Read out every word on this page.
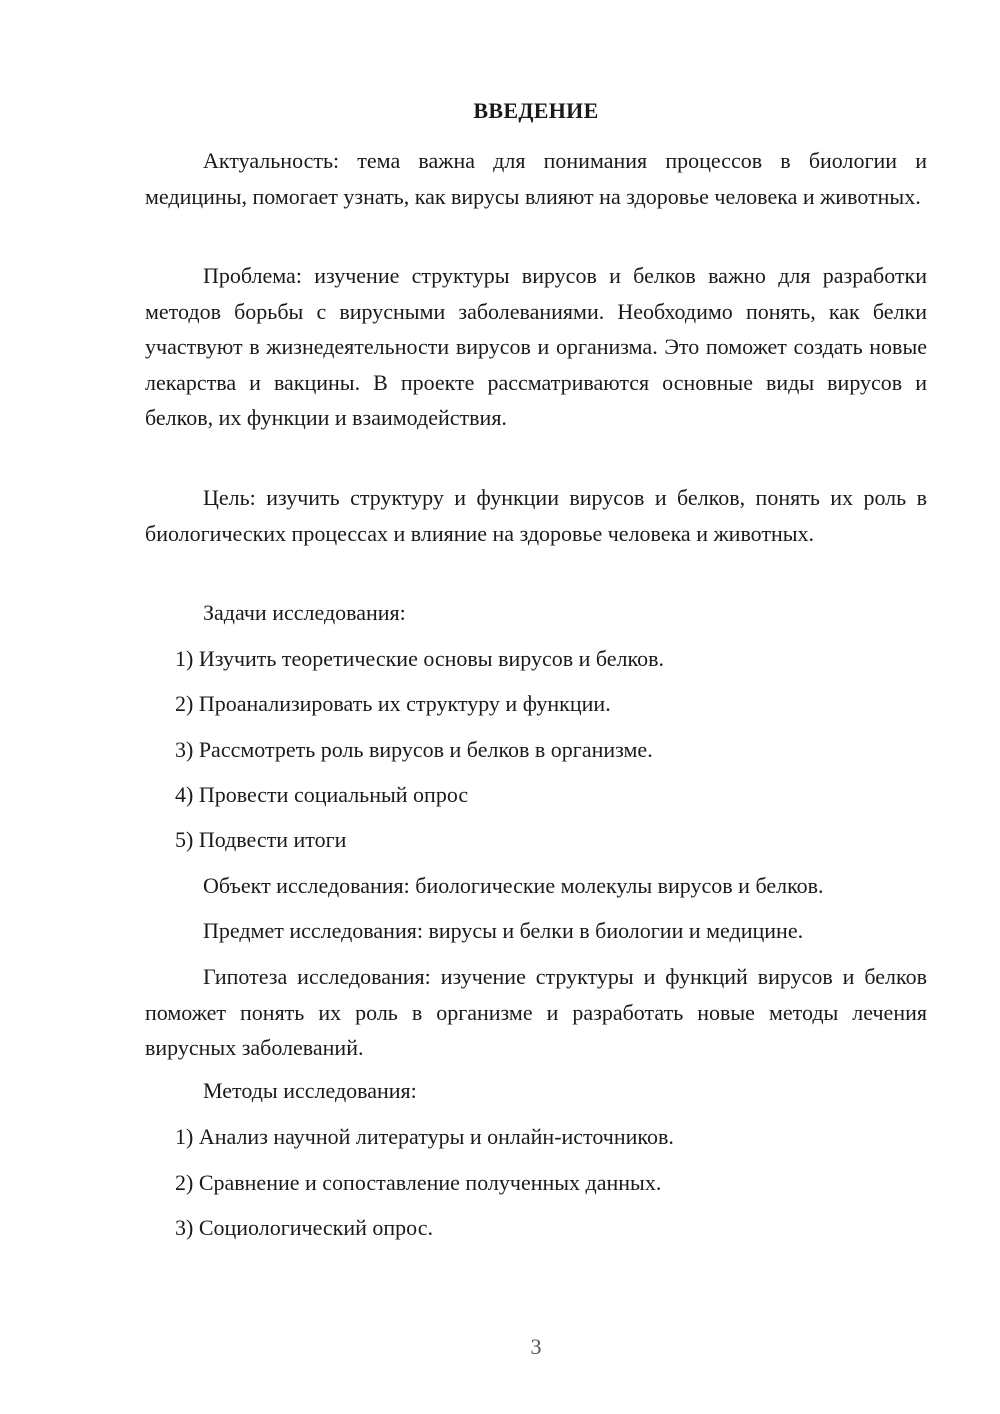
ВВЕДЕНИЕ

Актуальность: тема важна для понимания процессов в биологии и медицины, помогает узнать, как вирусы влияют на здоровье человека и животных.

Проблема: изучение структуры вирусов и белков важно для разработки методов борьбы с вирусными заболеваниями. Необходимо понять, как белки участвуют в жизнедеятельности вирусов и организма. Это поможет создать новые лекарства и вакцины. В проекте рассматриваются основные виды вирусов и белков, их функции и взаимодействия.

Цель: изучить структуру и функции вирусов и белков, понять их роль в биологических процессах и влияние на здоровье человека и животных.

Задачи исследования:

1) Изучить теоретические основы вирусов и белков.

2) Проанализировать их структуру и функции.

3) Рассмотреть роль вирусов и белков в организме.

4) Провести социальный опрос

5) Подвести итоги

Объект исследования: биологические молекулы вирусов и белков.

Предмет исследования: вирусы и белки в биологии и медицине.

Гипотеза исследования: изучение структуры и функций вирусов и белков поможет понять их роль в организме и разработать новые методы лечения вирусных заболеваний.

Методы исследования:

1) Анализ научной литературы и онлайн-источников.

2) Сравнение и сопоставление полученных данных.

3) Социологический опрос.

3
